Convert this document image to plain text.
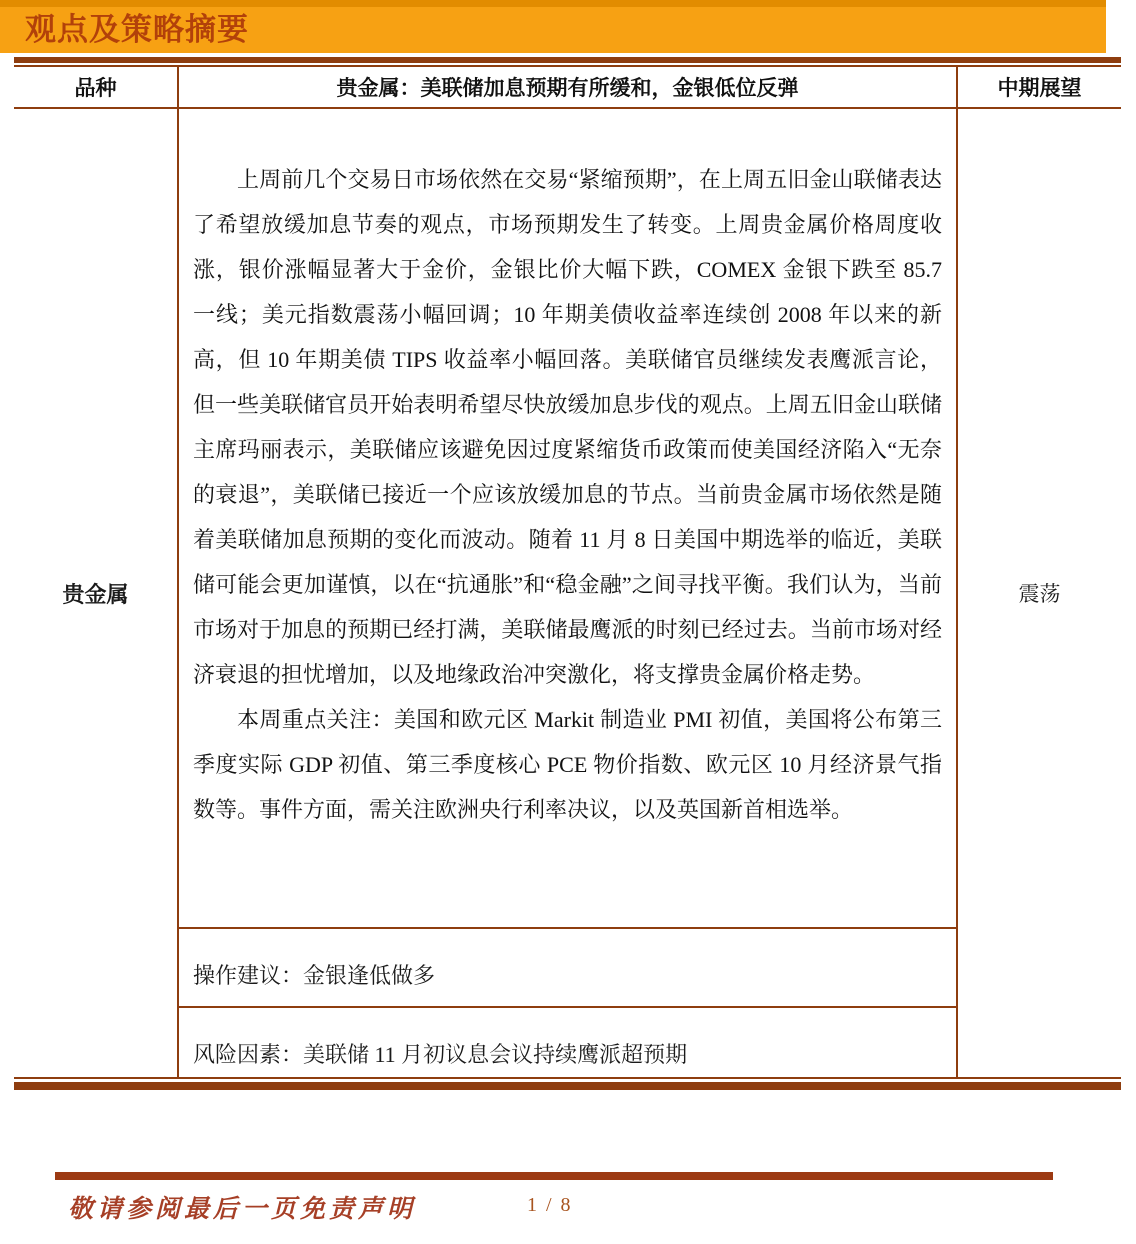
观点及策略摘要
品种	贵金属：美联储加息预期有所缓和，金银低位反弹	中期展望
贵金属	上周前几个交易日市场依然在交易“紧缩预期”，在上周五旧金山联储表达了希望放缓加息节奏的观点，市场预期发生了转变。上周贵金属价格周度收涨，银价涨幅显著大于金价，金银比价大幅下跌，COMEX 金银下跌至 85.7 一线；美元指数震荡小幅回调；10 年期美债收益率连续创 2008 年以来的新高，但 10 年期美债 TIPS 收益率小幅回落。美联储官员继续发表鹰派言论，但一些美联储官员开始表明希望尽快放缓加息步伐的观点。上周五旧金山联储主席玛丽表示，美联储应该避免因过度紧缩货币政策而使美国经济陷入“无奈的衰退”，美联储已接近一个应该放缓加息的节点。当前贵金属市场依然是随着美联储加息预期的变化而波动。随着 11 月 8 日美国中期选举的临近，美联储可能会更加谨慎，以在“抗通胀”和“稳金融”之间寻找平衡。我们认为，当前市场对于加息的预期已经打满，美联储最鹰派的时刻已经过去。当前市场对经济衰退的担忧增加，以及地缘政治冲突激化，将支撑贵金属价格走势。

本周重点关注：美国和欧元区 Markit 制造业 PMI 初值，美国将公布第三季度实际 GDP 初值、第三季度核心 PCE 物价指数、欧元区 10 月经济景气指数等。事件方面，需关注欧洲央行利率决议，以及英国新首相选举。	震荡
	操作建议：金银逢低做多	
	风险因素：美联储 11 月初议息会议持续鹰派超预期	
敬请参阅最后一页免责声明	1 / 8
